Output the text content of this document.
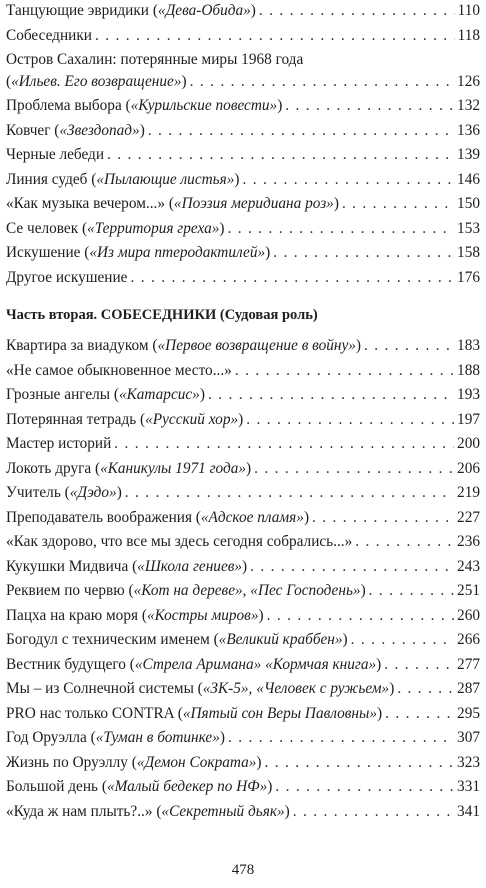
Танцующие эвридики («Дева-Обида») . . .	110
Собеседники . . .	118
Остров Сахалин: потерянные миры 1968 года
(«Ильев. Его возвращение») . . .	126
Проблема выбора («Курильские повести») . . .	132
Ковчег («Звездопад») . . .	136
Черные лебеди . . .	139
Линия судеб («Пылающие листья») . . .	146
«Как музыка вечером...» («Поэзия меридиана роз») . . .	150
Се человек («Территория греха») . . .	153
Искушение («Из мира птеродактилей») . . .	158
Другое искушение . . .	176
Часть вторая. СОБЕСЕДНИКИ (Судовая роль)
Квартира за виадуком («Первое возвращение в войну») . . .	183
«Не самое обыкновенное место...» . . .	188
Грозные ангелы («Катарсис») . . .	193
Потерянная тетрадь («Русский хор») . . .	197
Мастер историй . . .	200
Локоть друга («Каникулы 1971 года») . . .	206
Учитель («Дэдо») . . .	219
Преподаватель воображения («Адское пламя») . . .	227
«Как здорово, что все мы здесь сегодня собрались...» . . .	236
Кукушки Мидвича («Школа гениев») . . .	243
Реквием по червю («Кот на дереве», «Пес Господень») . . .	251
Пацха на краю моря («Костры миров») . . .	260
Богодул с техническим именем («Великий краббен») . . .	266
Вестник будущего («Стрела Аримана» «Кормчая книга») . . .	277
Мы – из Солнечной системы («ЗК-5», «Человек с ружьем») . . .	287
PRO нас только CONTRA («Пятый сон Веры Павловны») . . .	295
Год Оруэлла («Туман в ботинке») . . .	307
Жизнь по Оруэллу («Демон Сократа») . . .	323
Большой день («Малый бедекер по НФ») . . .	331
«Куда ж нам плыть?..» («Секретный дьяк») . . .	341
478
